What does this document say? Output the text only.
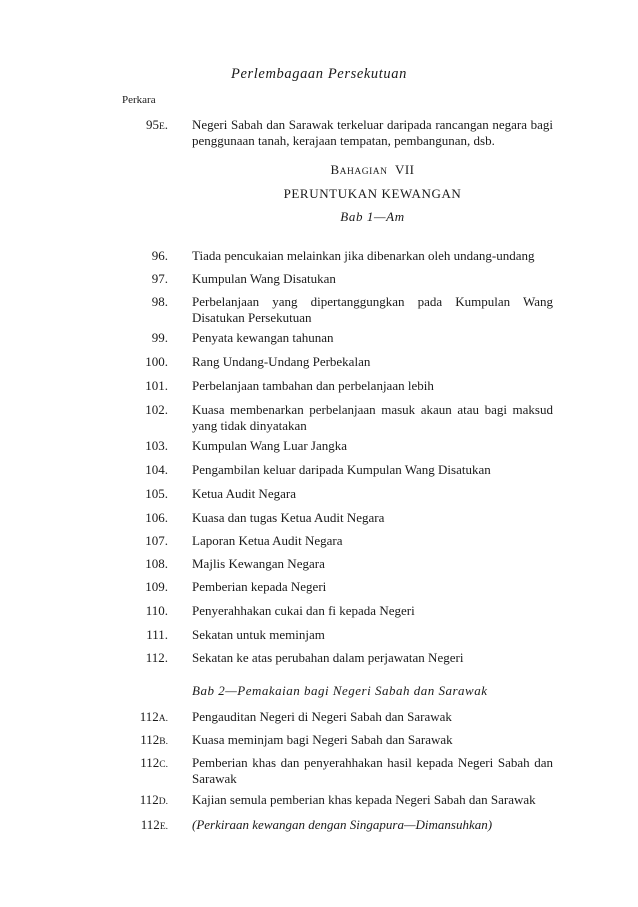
Perlembagaan Persekutuan
Perkara
95E. Negeri Sabah dan Sarawak terkeluar daripada rancangan negara bagi penggunaan tanah, kerajaan tempatan, pembangunan, dsb.
BAHAGIAN VII
PERUNTUKAN KEWANGAN
Bab 1—Am
96. Tiada pencukaian melainkan jika dibenarkan oleh undang-undang
97. Kumpulan Wang Disatukan
98. Perbelanjaan yang dipertanggungkan pada Kumpulan Wang Disatukan Persekutuan
99. Penyata kewangan tahunan
100. Rang Undang-Undang Perbekalan
101. Perbelanjaan tambahan dan perbelanjaan lebih
102. Kuasa membenarkan perbelanjaan masuk akaun atau bagi maksud yang tidak dinyatakan
103. Kumpulan Wang Luar Jangka
104. Pengambilan keluar daripada Kumpulan Wang Disatukan
105. Ketua Audit Negara
106. Kuasa dan tugas Ketua Audit Negara
107. Laporan Ketua Audit Negara
108. Majlis Kewangan Negara
109. Pemberian kepada Negeri
110. Penyerahhakan cukai dan fi kepada Negeri
111. Sekatan untuk meminjam
112. Sekatan ke atas perubahan dalam perjawatan Negeri
Bab 2—Pemakaian bagi Negeri Sabah dan Sarawak
112A. Pengauditan Negeri di Negeri Sabah dan Sarawak
112B. Kuasa meminjam bagi Negeri Sabah dan Sarawak
112C. Pemberian khas dan penyerahhakan hasil kepada Negeri Sabah dan Sarawak
112D. Kajian semula pemberian khas kepada Negeri Sabah dan Sarawak
112E. (Perkiraan kewangan dengan Singapura—Dimansuhkan)
